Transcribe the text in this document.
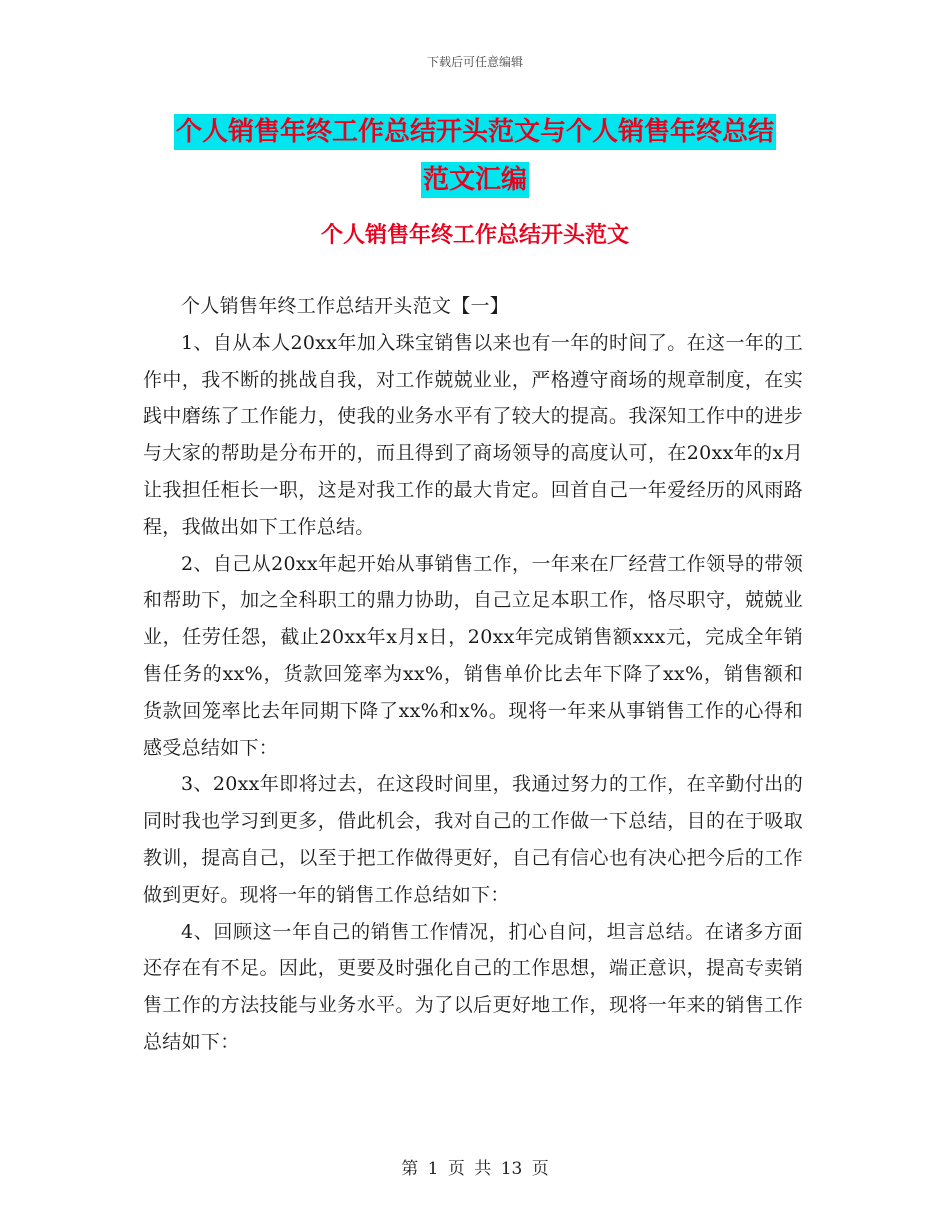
下载后可任意编辑
个人销售年终工作总结开头范文与个人销售年终总结
范文汇编
个人销售年终工作总结开头范文

个人销售年终工作总结开头范文【一】

1、自从本人20xx年加入珠宝销售以来也有一年的时间了。在这一年的工作中，我不断的挑战自我，对工作兢兢业业，严格遵守商场的规章制度，在实践中磨练了工作能力，使我的业务水平有了较大的提高。我深知工作中的进步与大家的帮助是分布开的，而且得到了商场领导的高度认可，在20xx年的x月让我担任柜长一职，这是对我工作的最大肯定。回首自己一年爱经历的风雨路程，我做出如下工作总结。

2、自己从20xx年起开始从事销售工作，一年来在厂经营工作领导的带领和帮助下，加之全科职工的鼎力协助，自己立足本职工作，恪尽职守，兢兢业业，任劳任怨，截止20xx年x月x日，20xx年完成销售额xxx元，完成全年销售任务的xx%，货款回笼率为xx%，销售单价比去年下降了xx%，销售额和货款回笼率比去年同期下降了xx%和x%。现将一年来从事销售工作的心得和感受总结如下：

3、20xx年即将过去，在这段时间里，我通过努力的工作，在辛勤付出的同时我也学习到更多，借此机会，我对自己的工作做一下总结，目的在于吸取教训，提高自己，以至于把工作做得更好，自己有信心也有决心把今后的工作做到更好。现将一年的销售工作总结如下：

4、回顾这一年自己的销售工作情况，扪心自问，坦言总结。在诸多方面还存在有不足。因此，更要及时强化自己的工作思想，端正意识，提高专卖销售工作的方法技能与业务水平。为了以后更好地工作，现将一年来的销售工作总结如下：

第 1 页 共 13 页
